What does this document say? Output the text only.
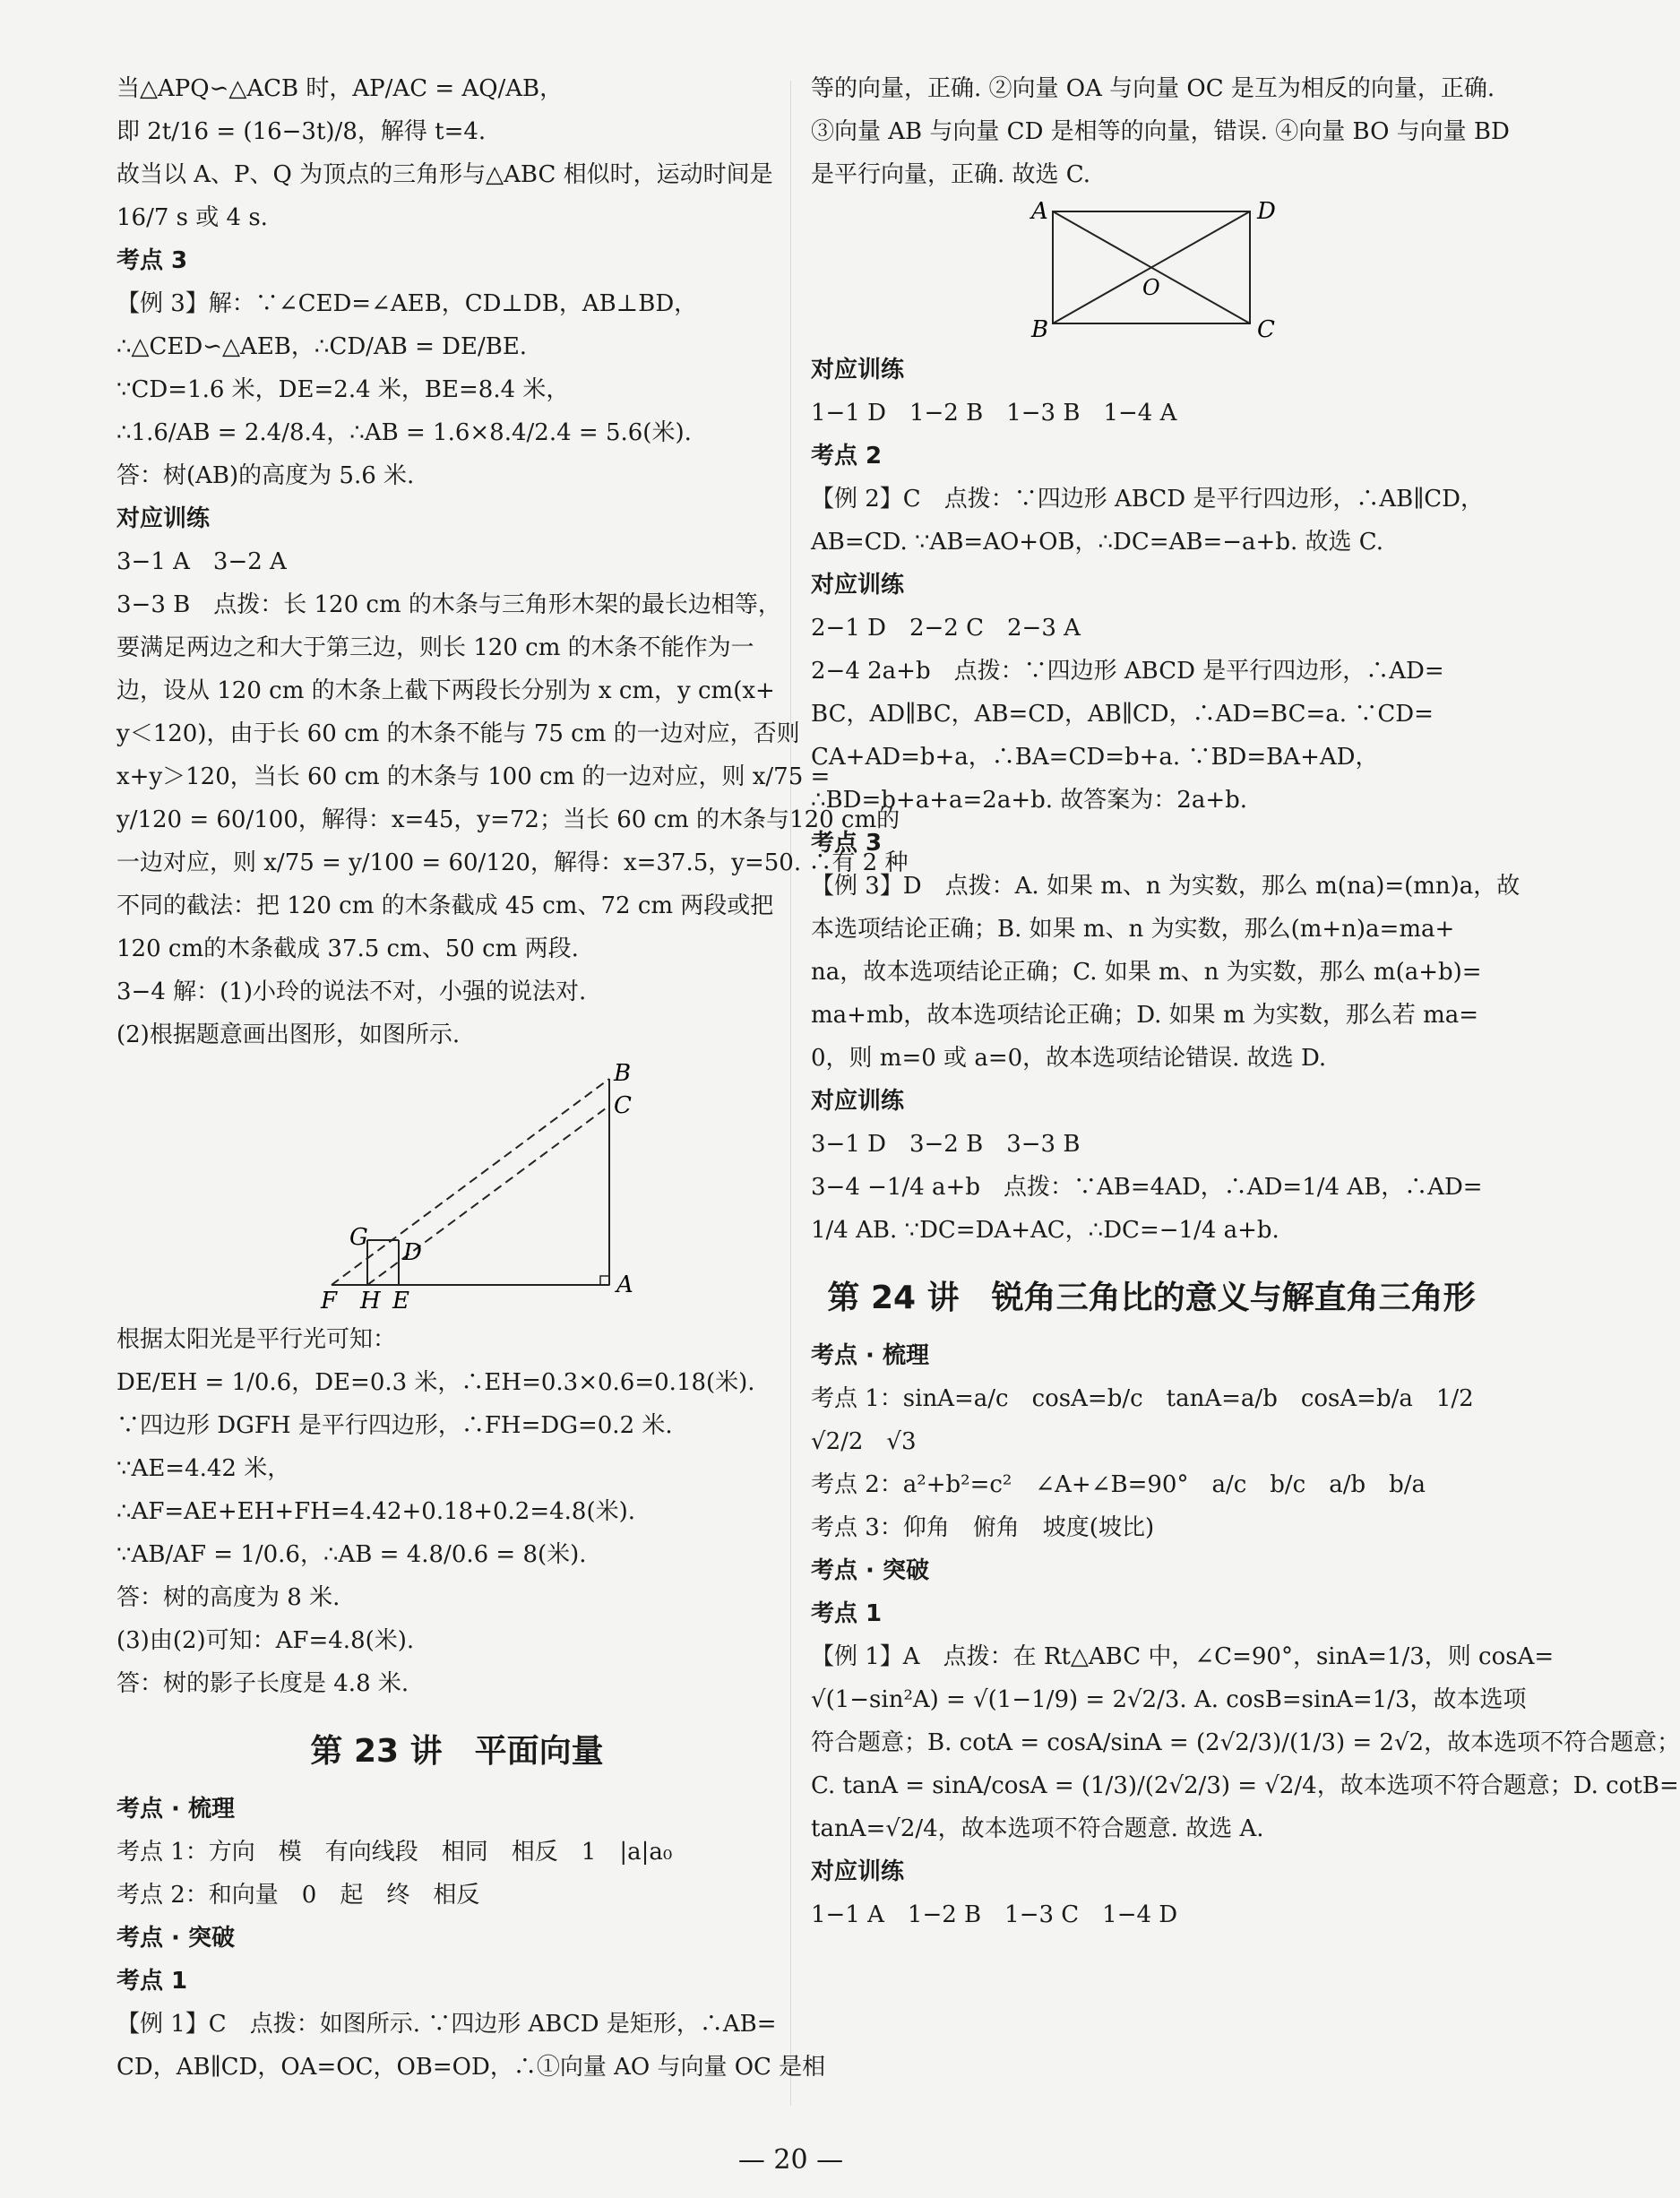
当△APQ∽△ACB 时，AP/AC = AQ/AB，
即 2t/16 = (16−3t)/8，解得 t=4.
故当以 A、P、Q 为顶点的三角形与△ABC 相似时，运动时间是
16/7 s 或 4 s.
考点 3
【例 3】解：∵∠CED=∠AEB，CD⊥DB，AB⊥BD，
∴△CED∽△AEB，∴CD/AB = DE/BE.
∵CD=1.6 米，DE=2.4 米，BE=8.4 米，
∴1.6/AB = 2.4/8.4，∴AB = 1.6×8.4/2.4 = 5.6(米).
答：树(AB)的高度为 5.6 米.
对应训练
3−1 A　3−2 A
3−3 B　点拨：长 120 cm 的木条与三角形木架的最长边相等，
要满足两边之和大于第三边，则长 120 cm 的木条不能作为一
边，设从 120 cm 的木条上截下两段长分别为 x cm，y cm(x+
y＜120)，由于长 60 cm 的木条不能与 75 cm 的一边对应，否则
x+y＞120，当长 60 cm 的木条与 100 cm 的一边对应，则 x/75 =
y/120 = 60/100，解得：x=45，y=72；当长 60 cm 的木条与120 cm的
一边对应，则 x/75 = y/100 = 60/120，解得：x=37.5，y=50. ∴有 2 种
不同的截法：把 120 cm 的木条截成 45 cm、72 cm 两段或把
120 cm的木条截成 37.5 cm、50 cm 两段.
3−4 解：(1)小玲的说法不对，小强的说法对.
(2)根据题意画出图形，如图所示.
B
C
G
D
F H E
A
根据太阳光是平行光可知：
DE/EH = 1/0.6，DE=0.3 米，∴EH=0.3×0.6=0.18(米).
∵四边形 DGFH 是平行四边形，∴FH=DG=0.2 米.
∵AE=4.42 米，
∴AF=AE+EH+FH=4.42+0.18+0.2=4.8(米).
∵AB/AF = 1/0.6，∴AB = 4.8/0.6 = 8(米).
答：树的高度为 8 米.
(3)由(2)可知：AF=4.8(米).
答：树的影子长度是 4.8 米.
第 23 讲　平面向量
考点 · 梳理
考点 1：方向　模　有向线段　相同　相反　1　|a|a₀
考点 2：和向量　0　起　终　相反
考点 · 突破
考点 1
【例 1】C　点拨：如图所示. ∵四边形 ABCD 是矩形，∴AB=
CD，AB∥CD，OA=OC，OB=OD，∴①向量 AO 与向量 OC 是相
等的向量，正确. ②向量 OA 与向量 OC 是互为相反的向量，正确.
③向量 AB 与向量 CD 是相等的向量，错误. ④向量 BO 与向量 BD
是平行向量，正确. 故选 C.
A	D
O
B	C
对应训练
1−1 D　1−2 B　1−3 B　1−4 A
考点 2
【例 2】C　点拨：∵四边形 ABCD 是平行四边形，∴AB∥CD，
AB=CD. ∵AB=AO+OB，∴DC=AB=−a+b. 故选 C.
对应训练
2−1 D　2−2 C　2−3 A
2−4 2a+b　点拨：∵四边形 ABCD 是平行四边形，∴AD=
BC，AD∥BC，AB=CD，AB∥CD，∴AD=BC=a. ∵CD=
CA+AD=b+a，∴BA=CD=b+a. ∵BD=BA+AD，
∴BD=b+a+a=2a+b. 故答案为：2a+b.
考点 3
【例 3】D　点拨：A. 如果 m、n 为实数，那么 m(na)=(mn)a，故
本选项结论正确；B. 如果 m、n 为实数，那么(m+n)a=ma+
na，故本选项结论正确；C. 如果 m、n 为实数，那么 m(a+b)=
ma+mb，故本选项结论正确；D. 如果 m 为实数，那么若 ma=
0，则 m=0 或 a=0，故本选项结论错误. 故选 D.
对应训练
3−1 D　3−2 B　3−3 B
3−4 −1/4 a+b　点拨：∵AB=4AD，∴AD=1/4 AB，∴AD=
1/4 AB. ∵DC=DA+AC，∴DC=−1/4 a+b.
第 24 讲　锐角三角比的意义与解直角三角形
考点 · 梳理
考点 1：sinA=a/c　cosA=b/c　tanA=a/b　cosA=b/a　1/2
√2/2　√3
考点 2：a²+b²=c²　∠A+∠B=90°　a/c　b/c　a/b　b/a
考点 3：仰角　俯角　坡度(坡比)
考点 · 突破
考点 1
【例 1】A　点拨：在 Rt△ABC 中，∠C=90°，sinA=1/3，则 cosA=
√(1−sin²A) = √(1−1/9) = 2√2/3. A. cosB=sinA=1/3，故本选项
符合题意；B. cotA = cosA/sinA = (2√2/3)/(1/3) = 2√2，故本选项不符合题意；
C. tanA = sinA/cosA = (1/3)/(2√2/3) = √2/4，故本选项不符合题意；D. cotB=
tanA=√2/4，故本选项不符合题意. 故选 A.
对应训练
1−1 A　1−2 B　1−3 C　1−4 D
— 20 —
